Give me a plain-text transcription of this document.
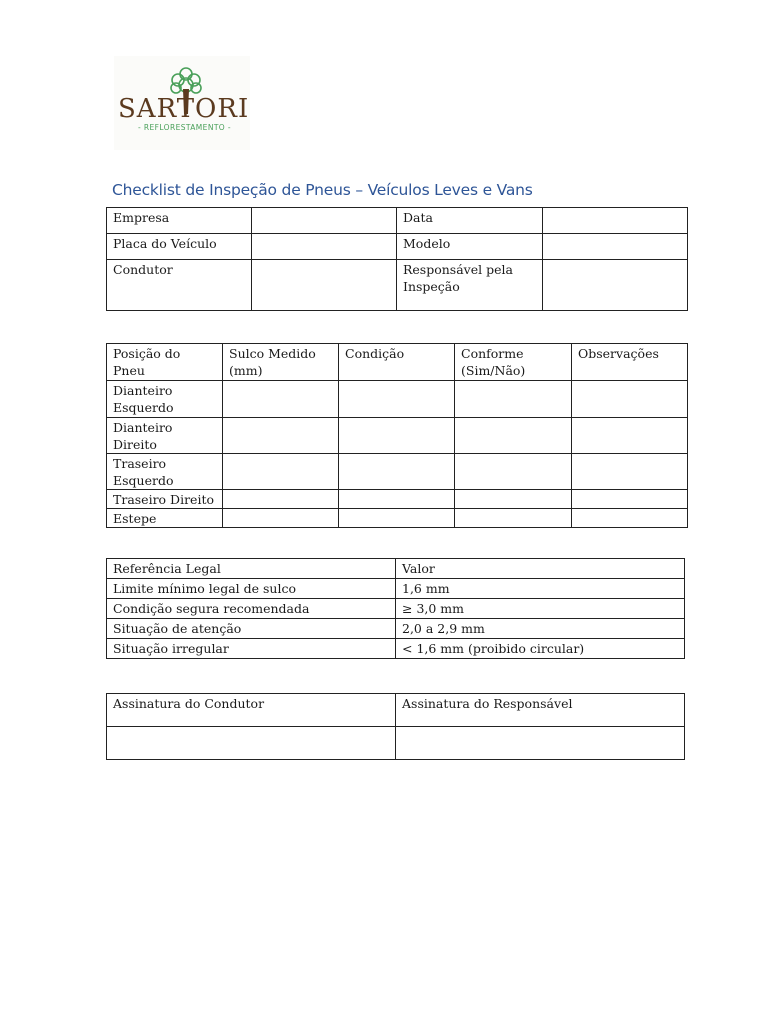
SARTORI
- REFLORESTAMENTO -
Checklist de Inspeção de Pneus – Veículos Leves e Vans
Empresa		Data	
Placa do Veículo		Modelo	
Condutor		Responsável pela Inspeção	
Posição do Pneu	Sulco Medido (mm)	Condição	Conforme (Sim/Não)	Observações
Dianteiro Esquerdo				
Dianteiro Direito				
Traseiro Esquerdo				
Traseiro Direito				
Estepe				
Referência Legal	Valor
Limite mínimo legal de sulco	1,6 mm
Condição segura recomendada	≥ 3,0 mm
Situação de atenção	2,0 a 2,9 mm
Situação irregular	< 1,6 mm (proibido circular)
Assinatura do Condutor	Assinatura do Responsável
